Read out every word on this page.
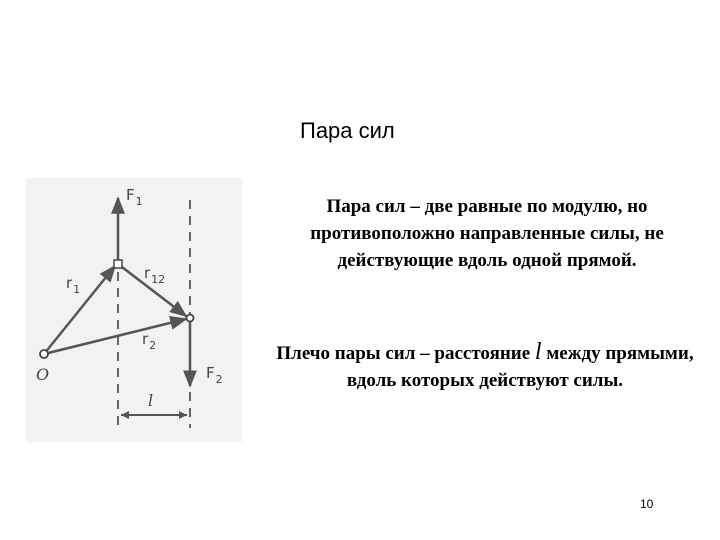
Пара сил
$F_1$
$r_1$
$r_{12}$
$r_2$
$F_2$
O
l
Пара сил – две равные по модулю, но противоположно направленные силы, не действующие вдоль одной прямой.
Плечо пары сил – расстояние l между прямыми, вдоль которых действуют силы.
10
